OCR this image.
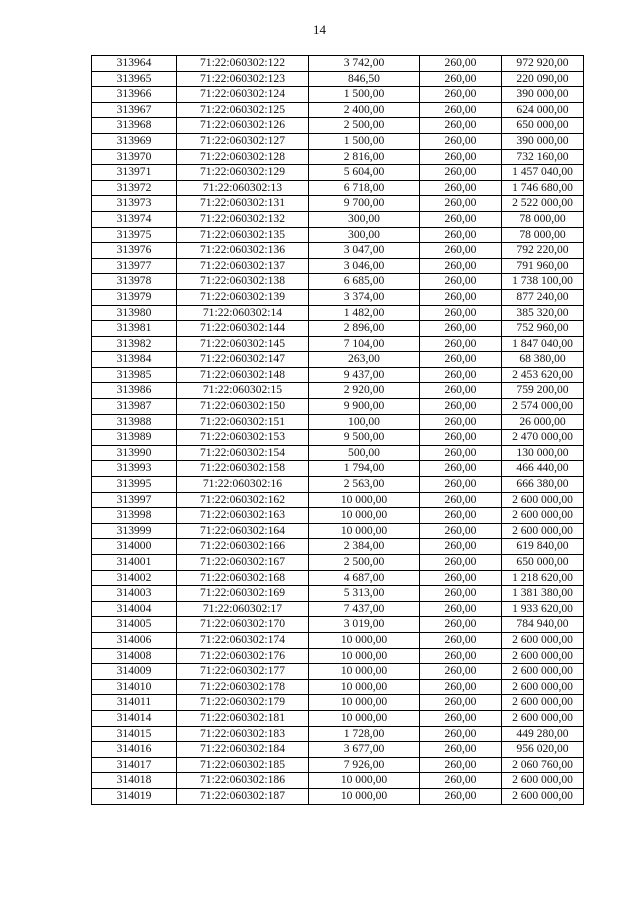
14
313964	71:22:060302:122	3 742,00	260,00	972 920,00
313965	71:22:060302:123	846,50	260,00	220 090,00
313966	71:22:060302:124	1 500,00	260,00	390 000,00
313967	71:22:060302:125	2 400,00	260,00	624 000,00
313968	71:22:060302:126	2 500,00	260,00	650 000,00
313969	71:22:060302:127	1 500,00	260,00	390 000,00
313970	71:22:060302:128	2 816,00	260,00	732 160,00
313971	71:22:060302:129	5 604,00	260,00	1 457 040,00
313972	71:22:060302:13	6 718,00	260,00	1 746 680,00
313973	71:22:060302:131	9 700,00	260,00	2 522 000,00
313974	71:22:060302:132	300,00	260,00	78 000,00
313975	71:22:060302:135	300,00	260,00	78 000,00
313976	71:22:060302:136	3 047,00	260,00	792 220,00
313977	71:22:060302:137	3 046,00	260,00	791 960,00
313978	71:22:060302:138	6 685,00	260,00	1 738 100,00
313979	71:22:060302:139	3 374,00	260,00	877 240,00
313980	71:22:060302:14	1 482,00	260,00	385 320,00
313981	71:22:060302:144	2 896,00	260,00	752 960,00
313982	71:22:060302:145	7 104,00	260,00	1 847 040,00
313984	71:22:060302:147	263,00	260,00	68 380,00
313985	71:22:060302:148	9 437,00	260,00	2 453 620,00
313986	71:22:060302:15	2 920,00	260,00	759 200,00
313987	71:22:060302:150	9 900,00	260,00	2 574 000,00
313988	71:22:060302:151	100,00	260,00	26 000,00
313989	71:22:060302:153	9 500,00	260,00	2 470 000,00
313990	71:22:060302:154	500,00	260,00	130 000,00
313993	71:22:060302:158	1 794,00	260,00	466 440,00
313995	71:22:060302:16	2 563,00	260,00	666 380,00
313997	71:22:060302:162	10 000,00	260,00	2 600 000,00
313998	71:22:060302:163	10 000,00	260,00	2 600 000,00
313999	71:22:060302:164	10 000,00	260,00	2 600 000,00
314000	71:22:060302:166	2 384,00	260,00	619 840,00
314001	71:22:060302:167	2 500,00	260,00	650 000,00
314002	71:22:060302:168	4 687,00	260,00	1 218 620,00
314003	71:22:060302:169	5 313,00	260,00	1 381 380,00
314004	71:22:060302:17	7 437,00	260,00	1 933 620,00
314005	71:22:060302:170	3 019,00	260,00	784 940,00
314006	71:22:060302:174	10 000,00	260,00	2 600 000,00
314008	71:22:060302:176	10 000,00	260,00	2 600 000,00
314009	71:22:060302:177	10 000,00	260,00	2 600 000,00
314010	71:22:060302:178	10 000,00	260,00	2 600 000,00
314011	71:22:060302:179	10 000,00	260,00	2 600 000,00
314014	71:22:060302:181	10 000,00	260,00	2 600 000,00
314015	71:22:060302:183	1 728,00	260,00	449 280,00
314016	71:22:060302:184	3 677,00	260,00	956 020,00
314017	71:22:060302:185	7 926,00	260,00	2 060 760,00
314018	71:22:060302:186	10 000,00	260,00	2 600 000,00
314019	71:22:060302:187	10 000,00	260,00	2 600 000,00
